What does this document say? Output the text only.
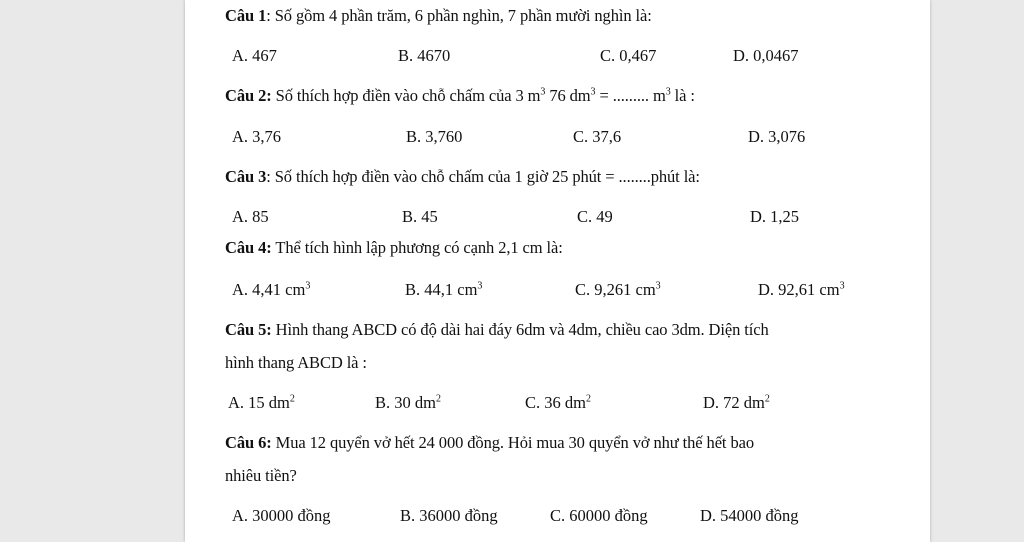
Câu 1: Số gồm 4 phần trăm, 6 phần nghìn, 7 phần mười nghìn là:
A. 467	B. 4670	C. 0,467	D. 0,0467
Câu 2: Số thích hợp điền vào chỗ chấm của 3 $m^3$ 76 $dm^3$ = ......... $m^3$ là :
A. 3,76	B. 3,760	C. 37,6	D. 3,076
Câu 3: Số thích hợp điền vào chỗ chấm của 1 giờ 25 phút = ........phút là:
A. 85	B. 45	C. 49	D. 1,25
Câu 4: Thể tích hình lập phương có cạnh 2,1 cm là:
A. 4,41 $cm^3$	B. 44,1 $cm^3$	C. 9,261 $cm^3$	D. 92,61 $cm^3$
Câu 5: Hình thang ABCD có độ dài hai đáy 6dm và 4dm, chiều cao 3dm. Diện tích
hình thang ABCD là :
A. 15 $dm^2$	B. 30 $dm^2$	C. 36 $dm^2$	D. 72 $dm^2$
Câu 6: Mua 12 quyển vở hết 24 000 đồng. Hỏi mua 30 quyển vở như thế hết bao
nhiêu tiền?
A. 30000 đồng	B. 36000 đồng	C. 60000 đồng	D. 54000 đồng
